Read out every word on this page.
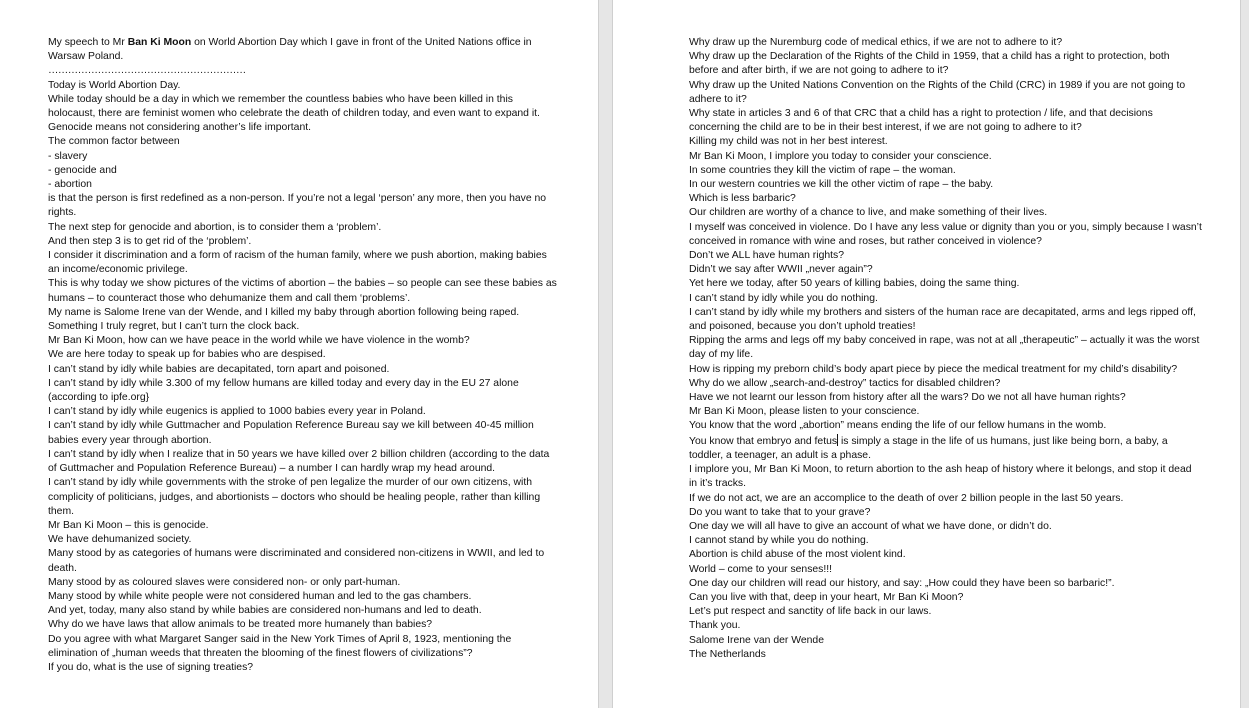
My speech to Mr Ban Ki Moon on World Abortion Day which I gave in front of the United Nations office in
Warsaw Poland.
……………………………………………………
Today is World Abortion Day.
While today should be a day in which we remember the countless babies who have been killed in this
holocaust, there are feminist women who celebrate the death of children today, and even want to expand it.
Genocide means not considering another’s life important.
The common factor between
- slavery
- genocide and
- abortion
is that the person is first redefined as a non-person. If you’re not a legal ‘person’ any more, then you have no
rights.
The next step for genocide and abortion, is to consider them a ‘problem’.
And then step 3 is to get rid of the ‘problem’.
I consider it discrimination and a form of racism of the human family, where we push abortion, making babies
an income/economic privilege.
This is why today we show pictures of the victims of abortion – the babies – so people can see these babies as
humans – to counteract those who dehumanize them and call them ‘problems’.
My name is Salome Irene van der Wende, and I killed my baby through abortion following being raped.
Something I truly regret, but I can’t turn the clock back.
Mr Ban Ki Moon, how can we have peace in the world while we have violence in the womb?
We are here today to speak up for babies who are despised.
I can’t stand by idly while babies are decapitated, torn apart and poisoned.
I can’t stand by idly while 3.300 of my fellow humans are killed today and every day in the EU 27 alone
(according to ipfe.org}
I can’t stand by idly while eugenics is applied to 1000 babies every year in Poland.
I can’t stand by idly while Guttmacher and Population Reference Bureau say we kill between 40-45 million
babies every year through abortion.
I can’t stand by idly when I realize that in 50 years we have killed over 2 billion children (according to the data
of Guttmacher and Population Reference Bureau) – a number I can hardly wrap my head around.
I can’t stand by idly while governments with the stroke of pen legalize the murder of our own citizens, with
complicity of politicians, judges, and abortionists – doctors who should be healing people, rather than killing
them.
Mr Ban Ki Moon – this is genocide.
We have dehumanized society.
Many stood by as categories of humans were discriminated and considered non-citizens in WWII, and led to
death.
Many stood by as coloured slaves were considered non- or only part-human.
Many stood by while white people were not considered human and led to the gas chambers.
And yet, today, many also stand by while babies are considered non-humans and led to death.
Why do we have laws that allow animals to be treated more humanely than babies?
Do you agree with what Margaret Sanger said in the New York Times of April 8, 1923, mentioning the
elimination of „human weeds that threaten the blooming of the finest flowers of civilizations”?
If you do, what is the use of signing treaties?
Why draw up the Nuremburg code of medical ethics, if we are not to adhere to it?
Why draw up the Declaration of the Rights of the Child in 1959, that a child has a right to protection, both
before and after birth, if we are not going to adhere to it?
Why draw up the United Nations Convention on the Rights of the Child (CRC) in 1989 if you are not going to
adhere to it?
Why state in articles 3 and 6 of that CRC that a child has a right to protection / life, and that decisions
concerning the child are to be in their best interest, if we are not going to adhere to it?
Killing my child was not in her best interest.
Mr Ban Ki Moon, I implore you today to consider your conscience.
In some countries they kill the victim of rape – the woman.
In our western countries we kill the other victim of rape – the baby.
Which is less barbaric?
Our children are worthy of a chance to live, and make something of their lives.
I myself was conceived in violence. Do I have any less value or dignity than you or you, simply because I wasn’t
conceived in romance with wine and roses, but rather conceived in violence?
Don’t we ALL have human rights?
Didn’t we say after WWII „never again”?
Yet here we today, after 50 years of killing babies, doing the same thing.
I can’t stand by idly while you do nothing.
I can’t stand by idly while my brothers and sisters of the human race are decapitated, arms and legs ripped off,
and poisoned, because you don’t uphold treaties!
Ripping the arms and legs off my baby conceived in rape, was not at all „therapeutic” – actually it was the worst
day of my life.
How is ripping my preborn child’s body apart piece by piece the medical treatment for my child’s disability?
Why do we allow „search-and-destroy” tactics for disabled children?
Have we not learnt our lesson from history after all the wars? Do we not all have human rights?
Mr Ban Ki Moon, please listen to your conscience.
You know that the word „abortion” means ending the life of our fellow humans in the womb.
You know that embryo and fetus is simply a stage in the life of us humans, just like being born, a baby, a
toddler, a teenager, an adult is a phase.
I implore you, Mr Ban Ki Moon, to return abortion to the ash heap of history where it belongs, and stop it dead
in it’s tracks.
If we do not act, we are an accomplice to the death of over 2 billion people in the last 50 years.
Do you want to take that to your grave?
One day we will all have to give an account of what we have done, or didn’t do.
I cannot stand by while you do nothing.
Abortion is child abuse of the most violent kind.
World – come to your senses!!!
One day our children will read our history, and say: „How could they have been so barbaric!”.
Can you live with that, deep in your heart, Mr Ban Ki Moon?
Let’s put respect and sanctity of life back in our laws.
Thank you.
Salome Irene van der Wende
The Netherlands
